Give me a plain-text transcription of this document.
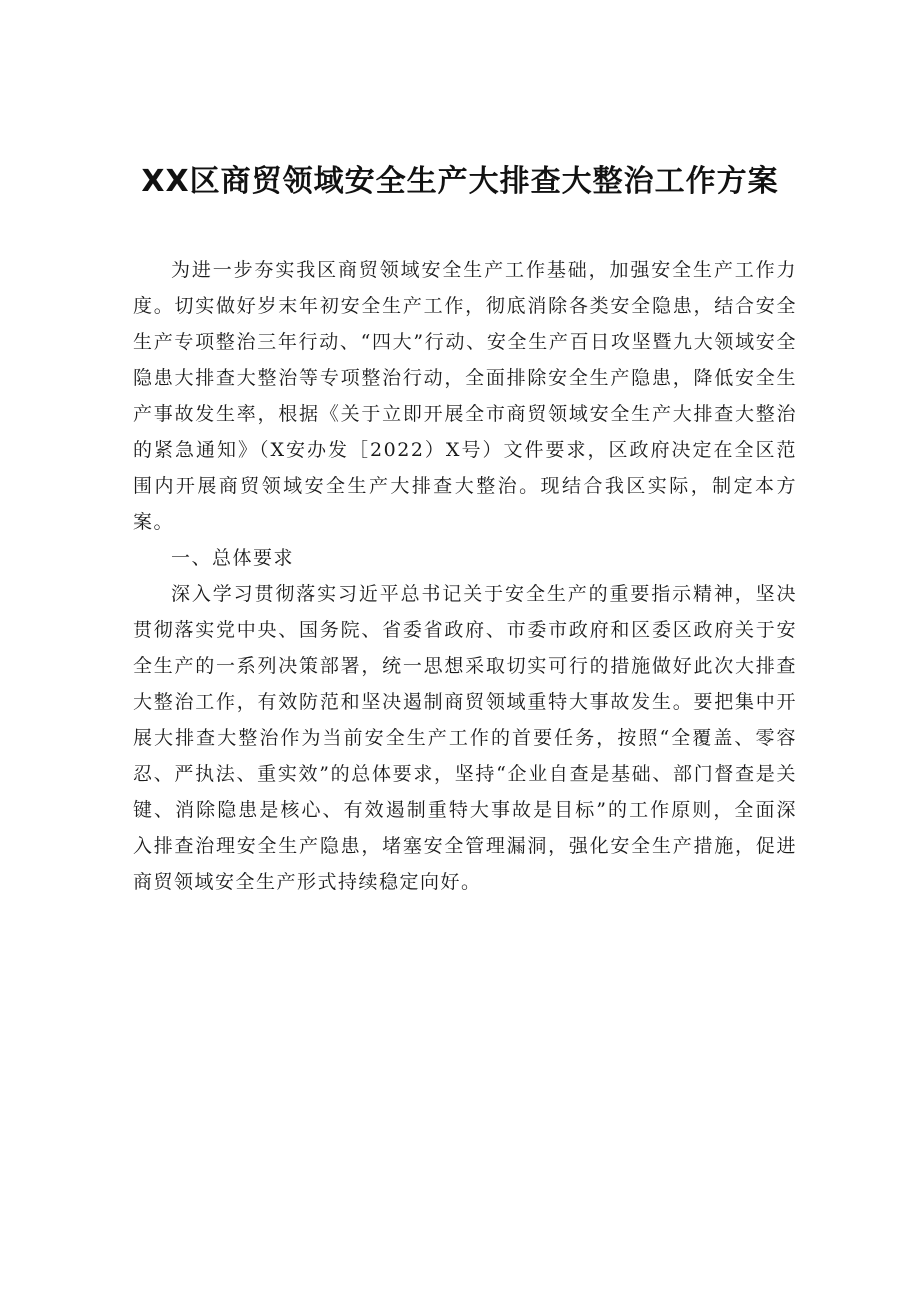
XX区商贸领域安全生产大排查大整治工作方案

为进一步夯实我区商贸领域安全生产工作基础，加强安全生产工作力度。切实做好岁末年初安全生产工作，彻底消除各类安全隐患，结合安全生产专项整治三年行动、“四大”行动、安全生产百日攻坚暨九大领域安全隐患大排查大整治等专项整治行动，全面排除安全生产隐患，降低安全生产事故发生率，根据《关于立即开展全市商贸领域安全生产大排查大整治的紧急通知》（X安办发［2022）X号）文件要求，区政府决定在全区范围内开展商贸领域安全生产大排查大整治。现结合我区实际，制定本方案。

一、总体要求

深入学习贯彻落实习近平总书记关于安全生产的重要指示精神，坚决贯彻落实党中央、国务院、省委省政府、市委市政府和区委区政府关于安全生产的一系列决策部署，统一思想采取切实可行的措施做好此次大排查大整治工作，有效防范和坚决遏制商贸领域重特大事故发生。要把集中开展大排查大整治作为当前安全生产工作的首要任务，按照“全覆盖、零容忍、严执法、重实效”的总体要求，坚持“企业自查是基础、部门督查是关键、消除隐患是核心、有效遏制重特大事故是目标”的工作原则，全面深入排查治理安全生产隐患，堵塞安全管理漏洞，强化安全生产措施，促进商贸领域安全生产形式持续稳定向好。
